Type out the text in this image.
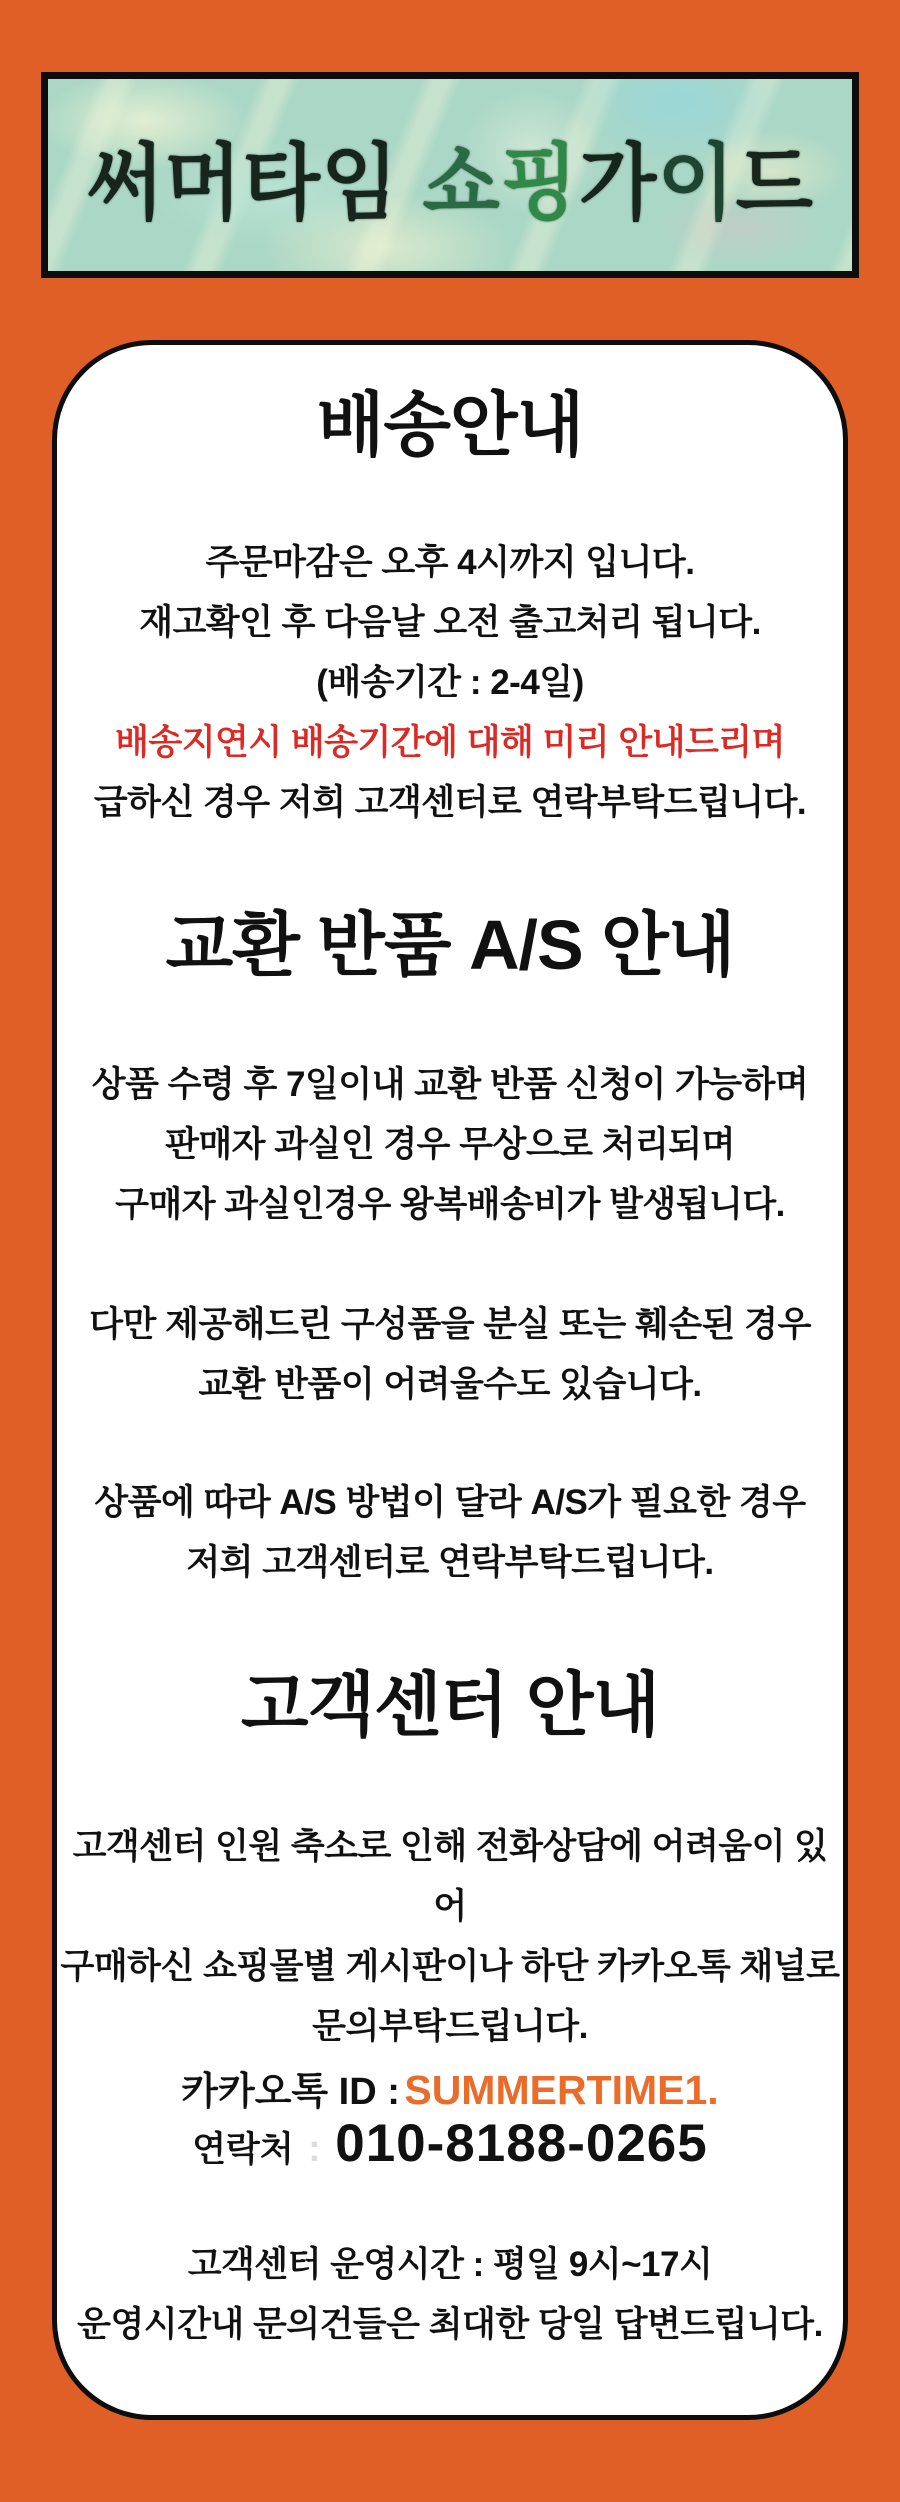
써머타임 쇼핑가이드
배송안내
주문마감은 오후 4시까지 입니다.
재고확인 후 다음날 오전 출고처리 됩니다.
(배송기간 : 2-4일)
배송지연시 배송기간에 대해 미리 안내드리며
급하신 경우 저희 고객센터로 연락부탁드립니다.
교환 반품 A/S 안내
상품 수령 후 7일이내 교환 반품 신청이 가능하며
판매자 과실인 경우 무상으로 처리되며
구매자 과실인경우 왕복배송비가 발생됩니다.
다만 제공해드린 구성품을 분실 또는 훼손된 경우
교환 반품이 어려울수도 있습니다.
상품에 따라 A/S 방법이 달라 A/S가 필요한 경우
저희 고객센터로 연락부탁드립니다.
고객센터 안내
고객센터 인원 축소로 인해 전화상담에 어려움이 있어
구매하신 쇼핑몰별 게시판이나 하단 카카오톡 채널로
문의부탁드립니다.
카카오톡 ID : SUMMERTIME1.
연락처 : 010-8188-0265
고객센터 운영시간 : 평일 9시~17시
운영시간내 문의건들은 최대한 당일 답변드립니다.
